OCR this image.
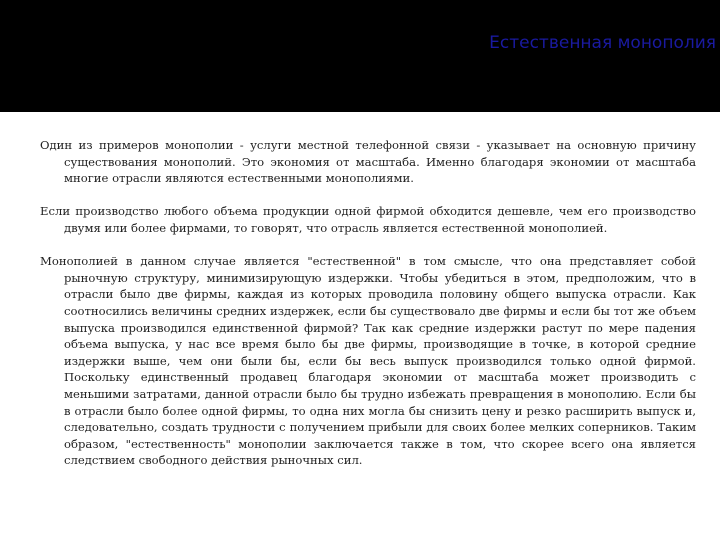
Естественная монополия

Один из примеров монополии - услуги местной телефонной связи - указывает на основную причину существования монополий. Это экономия от масштаба. Именно благодаря экономии от масштаба многие отрасли являются естественными монополиями.

Если производство любого объема продукции одной фирмой обходится дешевле, чем его производство двумя или более фирмами, то говорят, что отрасль является естественной монополией.

Монополией в данном случае является "естественной" в том смысле, что она представляет собой рыночную структуру, минимизирующую издержки. Чтобы убедиться в этом, предположим, что в отрасли было две фирмы, каждая из которых проводила половину общего выпуска отрасли. Как соотносились величины средних издержек, если бы существовало две фирмы и если бы тот же объем выпуска производился единственной фирмой? Так как средние издержки растут по мере падения объема выпуска, у нас все время было бы две фирмы, производящие в точке, в которой средние издержки выше, чем они были бы, если бы весь выпуск производился только одной фирмой. Поскольку единственный продавец благодаря экономии от масштаба может производить с меньшими затратами, данной отрасли было бы трудно избежать превращения в монополию. Если бы в отрасли было более одной фирмы, то одна них могла бы снизить цену и резко расширить выпуск и, следовательно, создать трудности с получением прибыли для своих более мелких соперников. Таким образом, "естественность" монополии заключается также в том, что скорее всего она является следствием свободного действия рыночных сил.
